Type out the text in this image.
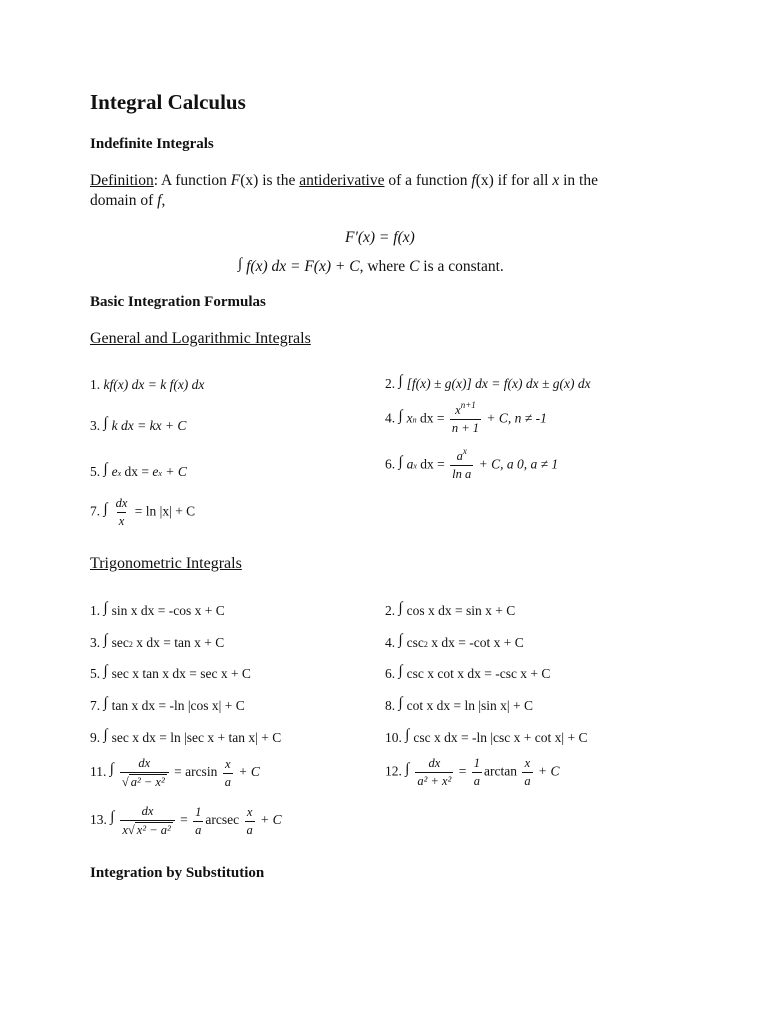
Integral Calculus
Indefinite Integrals
Definition: A function F(x) is the antiderivative of a function f(x) if for all x in the
domain of f,
F′(x) = f(x)
∫ f(x) dx = F(x) + C, where C is a constant.
Basic Integration Formulas
General and Logarithmic Integrals
1. kf(x) dx = k f(x) dx	2. ∫ [f(x) ± g(x)] dx = f(x) dx ± g(x) dx
3. ∫ k dx = kx + C	4. ∫ xn dx = $\frac{x^{n+1}}{n + 1} + C$, n ≠ -1
5. ∫ ex dx = ex + C	6. ∫ ax dx = $\frac{a^x}{\text{ln a}} + C$, a 0, a ≠ 1
7. ∫ $\frac{dx}{x} = \ln |x| + C$
Trigonometric Integrals
1. ∫ sin x dx = -cos x + C	2. ∫ cos x dx = sin x + C
3. ∫ sec2 x dx = tan x + C	4. ∫ csc2 x dx = -cot x + C
5. ∫ sec x tan x dx = sec x + C	6. ∫ csc x cot x dx = -csc x + C
7. ∫ tan x dx = -ln |cos x| + C	8. ∫ cot x dx = ln |sin x| + C
9. ∫ sec x dx = ln |sec x + tan x| + C	10. ∫ csc x dx = -ln |csc x + cot x| + C
11. ∫ $\frac{dx}{\text{√ a² − x²}} = \arcsin \frac{x}{a} + C$	12. ∫ $\frac{dx}{\text{a² + x²}} = \frac{1}{a}$ $\arctan \frac{x}{a} + C$
13. ∫ $\frac{dx}{\text{x√ x² − a²}} = \frac{1}{a}$ arcsec $\frac{x}{a} + C$
Integration by Substitution
